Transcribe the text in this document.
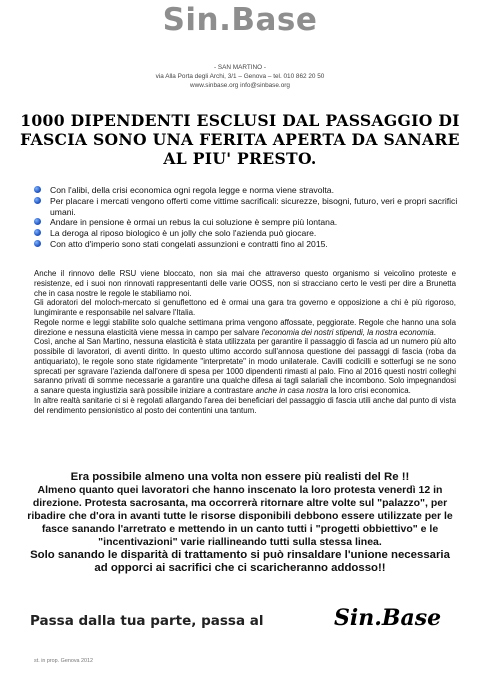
Sin.Base
- SAN MARTINO -
via Alla Porta degli Archi, 3/1 – Genova – tel. 010 862 20 50
www.sinbase.org info@sinbase.org
1000 DIPENDENTI ESCLUSI DAL PASSAGGIO DI FASCIA SONO UNA FERITA APERTA DA SANARE AL PIU' PRESTO.
Con l'alibi, della crisi economica ogni regola legge e norma viene stravolta.
Per placare i mercati vengono offerti come vittime sacrificali: sicurezze, bisogni, futuro, veri e propri sacrifici umani.
Andare in pensione è ormai un rebus la cui soluzione è sempre più lontana.
La deroga al riposo biologico è un jolly che solo l'azienda può giocare.
Con atto d'imperio sono stati congelati assunzioni e contratti fino al 2015.

Anche il rinnovo delle RSU viene bloccato, non sia mai che attraverso questo organismo si veicolino proteste e resistenze, ed i suoi non rinnovati rappresentanti delle varie OOSS, non si stracciano certo le vesti per dire a Brunetta che in casa nostre le regole le stabiliamo noi.

Gli adoratori del moloch-mercato si genuflettono ed è ormai una gara tra governo e opposizione a chi è più rigoroso, lungimirante e responsabile nel salvare l'Italia.

Regole norme e leggi stabilite solo qualche settimana prima vengono affossate, peggiorate. Regole che hanno una sola direzione e nessuna elasticità viene messa in campo per salvare l'economia dei nostri stipendi, la nostra economia.

Così, anche al San Martino, nessuna elasticità è stata utilizzata per garantire il passaggio di fascia ad un numero più alto possibile di lavoratori, di aventi diritto. In questo ultimo accordo sull'annosa questione dei passaggi di fascia (roba da antiquariato), le regole sono state rigidamente "interpretate" in modo unilaterale. Cavilli codicilli e sotterfugi se ne sono sprecati per sgravare l'azienda dall'onere di spesa per 1000 dipendenti rimasti al palo. Fino al 2016 questi nostri colleghi saranno privati di somme necessarie a garantire una qualche difesa ai tagli salariali che incombono. Solo impegnandosi a sanare questa ingiustizia sarà possibile iniziare a contrastare anche in casa nostra la loro crisi economica.

In altre realtà sanitarie ci si è regolati allargando l'area dei beneficiari del passaggio di fascia utili anche dal punto di vista del rendimento pensionistico al posto dei contentini una tantum.

Era possibile almeno una volta non essere più realisti del Re !!

Almeno quanto quei lavoratori che hanno inscenato la loro protesta venerdì 12 in direzione. Protesta sacrosanta, ma occorrerà ritornare altre volte sul "palazzo", per ribadire che d'ora in avanti tutte le risorse disponibili debbono essere utilizzate per le fasce sanando l'arretrato e mettendo in un canto tutti i "progetti obbiettivo" e le "incentivazioni" varie riallineando tutti sulla stessa linea.

Solo sanando le disparità di trattamento si può rinsaldare l'unione necessaria ad opporci ai sacrifici che ci scaricheranno addosso!!

Passa dalla tua parte, passa al	Sin.Base
st. in prop. Genova 2012
